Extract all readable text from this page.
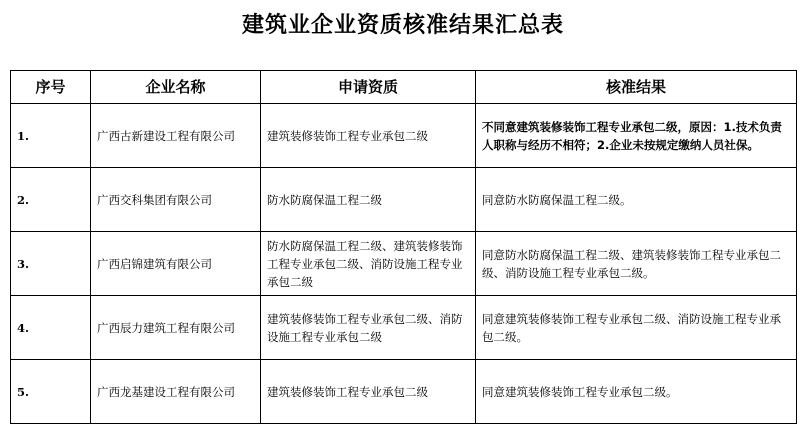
建筑业企业资质核准结果汇总表
序号	企业名称	申请资质	核准结果
1.	广西古新建设工程有限公司	建筑装修装饰工程专业承包二级	不同意建筑装修装饰工程专业承包二级，原因：1.技术负责人职称与经历不相符；2.企业未按规定缴纳人员社保。
2.	广西交科集团有限公司	防水防腐保温工程二级	同意防水防腐保温工程二级。
3.	广西启锦建筑有限公司	防水防腐保温工程二级、建筑装修装饰工程专业承包二级、消防设施工程专业承包二级	同意防水防腐保温工程二级、建筑装修装饰工程专业承包二级、消防设施工程专业承包二级。
4.	广西辰力建筑工程有限公司	建筑装修装饰工程专业承包二级、消防设施工程专业承包二级	同意建筑装修装饰工程专业承包二级、消防设施工程专业承包二级。
5.	广西龙基建设工程有限公司	建筑装修装饰工程专业承包二级	同意建筑装修装饰工程专业承包二级。
